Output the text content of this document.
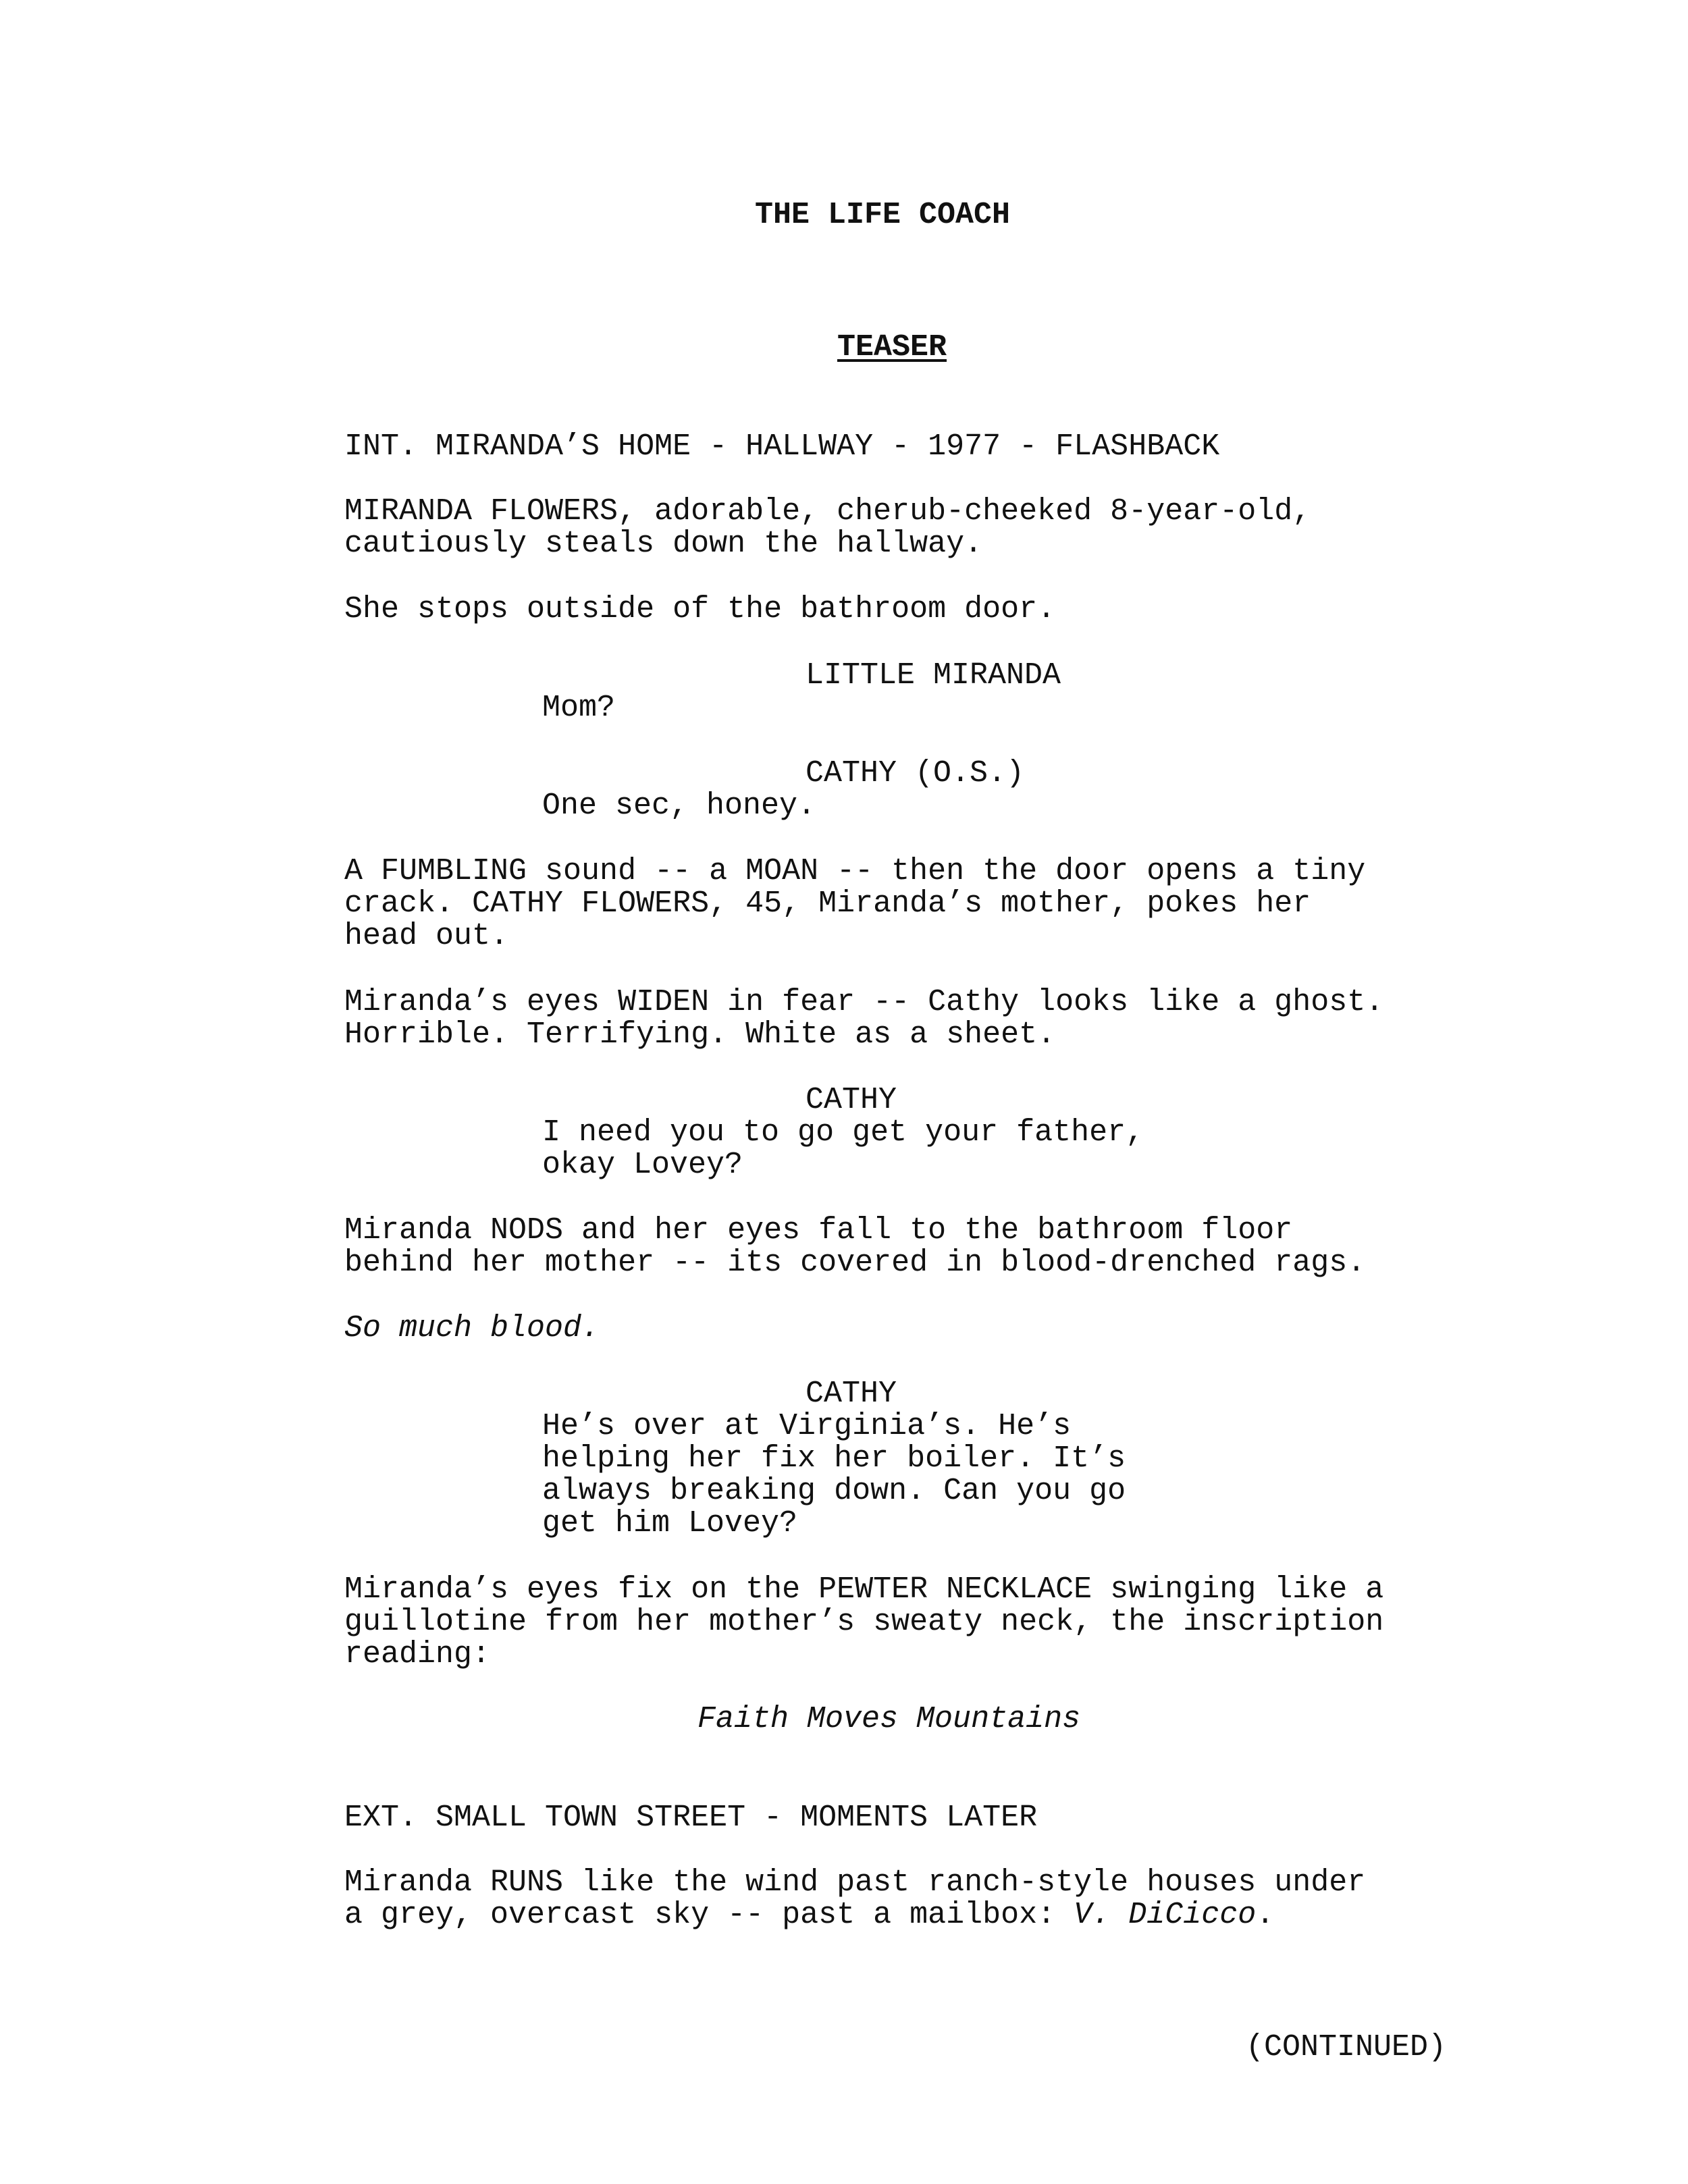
THE LIFE COACH
TEASER
INT. MIRANDA’S HOME - HALLWAY - 1977 - FLASHBACK
MIRANDA FLOWERS, adorable, cherub-cheeked 8-year-old,
cautiously steals down the hallway.
She stops outside of the bathroom door.
LITTLE MIRANDA
Mom?
CATHY (O.S.)
One sec, honey.
A FUMBLING sound -- a MOAN -- then the door opens a tiny
crack. CATHY FLOWERS, 45, Miranda’s mother, pokes her
head out.
Miranda’s eyes WIDEN in fear -- Cathy looks like a ghost.
Horrible. Terrifying. White as a sheet.
CATHY
I need you to go get your father,
okay Lovey?
Miranda NODS and her eyes fall to the bathroom floor
behind her mother -- its covered in blood-drenched rags.
So much blood.
CATHY
He’s over at Virginia’s. He’s
helping her fix her boiler. It’s
always breaking down. Can you go
get him Lovey?
Miranda’s eyes fix on the PEWTER NECKLACE swinging like a
guillotine from her mother’s sweaty neck, the inscription
reading:
Faith Moves Mountains
EXT. SMALL TOWN STREET - MOMENTS LATER
Miranda RUNS like the wind past ranch-style houses under
a grey, overcast sky -- past a mailbox: V. DiCicco.
(CONTINUED)
